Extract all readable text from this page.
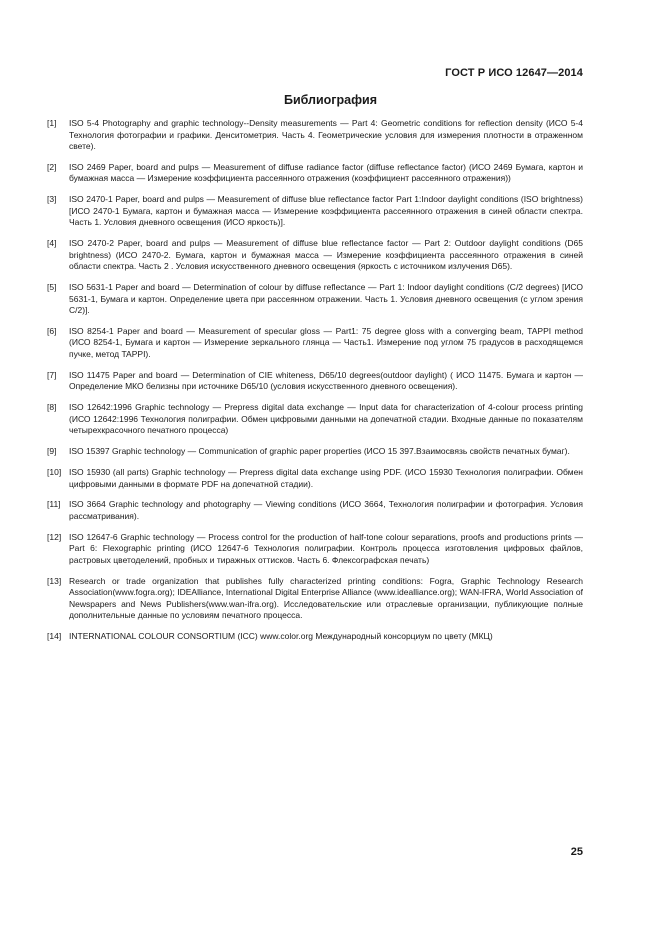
ГОСТ Р ИСО 12647—2014
Библиография
[1]	ISO 5-4 Photography and graphic technology--Density measurements — Part 4: Geometric conditions for reflection density (ИСО 5-4 Технология фотографии и графики. Денситометрия. Часть 4. Геометрические условия для измерения плотности в отраженном свете).
[2]	ISO 2469 Paper, board and pulps — Measurement of diffuse radiance factor (diffuse reflectance factor) (ИСО 2469 Бумага, картон и бумажная масса — Измерение коэффициента рассеянного отражения (коэффициент рассеянного отражения))
[3]	ISO 2470-1 Paper, board and pulps — Measurement of diffuse blue reflectance factor Part 1:Indoor daylight conditions (ISO brightness) [ИСО 2470-1 Бумага, картон и бумажная масса — Измерение коэффициента рассеянного отражения в синей области спектра. Часть 1. Условия дневного освещения (ИСО яркость)].
[4]	ISO 2470-2 Paper, board and pulps — Measurement of diffuse blue reflectance factor — Part 2: Outdoor daylight conditions (D65 brightness) (ИСО 2470-2. Бумага, картон и бумажная масса — Измерение коэффициента рассеянного отражения в синей области спектра. Часть 2 . Условия искусственного дневного освещения (яркость с источником излучения D65).
[5]	ISO 5631-1 Paper and board — Determination of colour by diffuse reflectance — Part 1: Indoor daylight conditions (C/2 degrees) [ИСО 5631-1, Бумага и картон. Определение цвета при рассеянном отражении. Часть 1. Условия дневного освещения (с углом зрения C/2)].
[6]	ISO 8254-1 Paper and board — Measurement of specular gloss — Part1: 75 degree gloss with a converging beam, TAPPI method (ИСО 8254-1, Бумага и картон — Измерение зеркального глянца — Часть1. Измерение под углом 75 градусов в расходящемся пучке, метод TAPPI).
[7]	ISO 11475 Paper and board — Determination of CIE whiteness, D65/10 degrees(outdoor daylight) ( ИСО 11475. Бумага и картон — Определение МКО белизны при источнике D65/10 (условия искусственного дневного освещения).
[8]	ISO 12642:1996 Graphic technology — Prepress digital data exchange — Input data for characterization of 4-colour process printing (ИСО 12642:1996 Технология полиграфии. Обмен цифровыми данными на допечатной стадии. Входные данные по показателям четырехкрасочного печатного процесса)
[9]	ISO 15397 Graphic technology — Communication of graphic paper properties (ИСО 15 397.Взаимосвязь свойств печатных бумаг).
[10] ISO 15930 (all parts) Graphic technology — Prepress digital data exchange using PDF. (ИСО 15930 Технология полиграфии. Обмен цифровыми данными в формате PDF на допечатной стадии).
[11] ISO 3664 Graphic technology and photography — Viewing conditions (ИСО 3664, Технология полиграфии и фотография. Условия рассматривания).
[12] ISO 12647-6 Graphic technology — Process control for the production of half-tone colour separations, proofs and productions prints — Part 6: Flexographic printing (ИСО 12647-6 Технология полиграфии. Контроль процесса изготовления цифровых файлов, растровых цветоделений, пробных и тиражных оттисков. Часть 6. Флексографская печать)
[13] Research or trade organization that publishes fully characterized printing conditions: Fogra, Graphic Technology Research Association(www.fogra.org); IDEAlliance, International Digital Enterprise Alliance (www.idealliance.org); WAN-IFRA, World Association of Newspapers and News Publishers(www.wan-ifra.org). Исследовательские или отраслевые организации, публикующие полные дополнительные данные по условиям печатного процесса.
[14] INTERNATIONAL COLOUR CONSORTIUM (ICC) www.color.org Международный консорциум по цвету (МКЦ)
25
